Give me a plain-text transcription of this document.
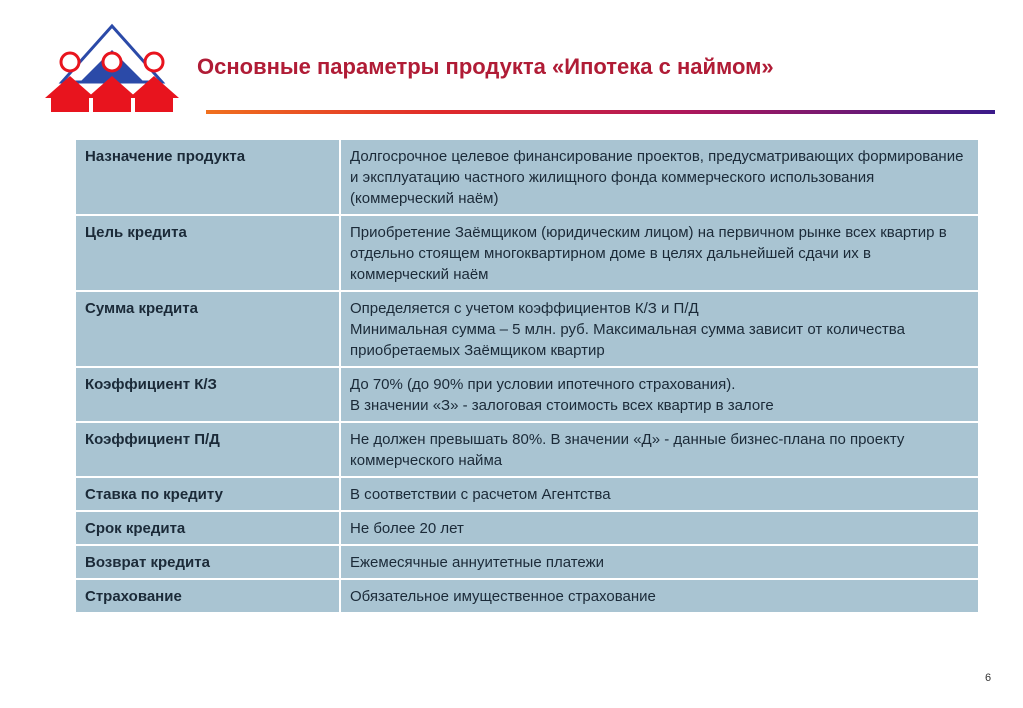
Основные параметры продукта «Ипотека с наймом»
Назначение продукта	Долгосрочное целевое финансирование проектов, предусматривающих формирование и эксплуатацию частного жилищного фонда коммерческого использования (коммерческий наём)

Цель кредита	Приобретение Заёмщиком (юридическим лицом) на первичном рынке всех квартир в отдельно стоящем многоквартирном доме в целях дальнейшей сдачи их в коммерческий наём

Сумма кредита	Определяется с учетом коэффициентов К/З и П/Д
Минимальная сумма – 5 млн. руб. Максимальная сумма зависит от количества приобретаемых Заёмщиком квартир

Коэффициент К/З	До 70% (до 90% при условии ипотечного страхования).
В значении «З» - залоговая стоимость всех квартир в залоге

Коэффициент П/Д	Не должен превышать 80%. В значении «Д» - данные бизнес-плана по проекту коммерческого найма

Ставка по кредиту	В соответствии с расчетом Агентства

Срок кредита	Не более 20 лет

Возврат кредита	Ежемесячные аннуитетные платежи

Страхование	Обязательное имущественное страхование
6
